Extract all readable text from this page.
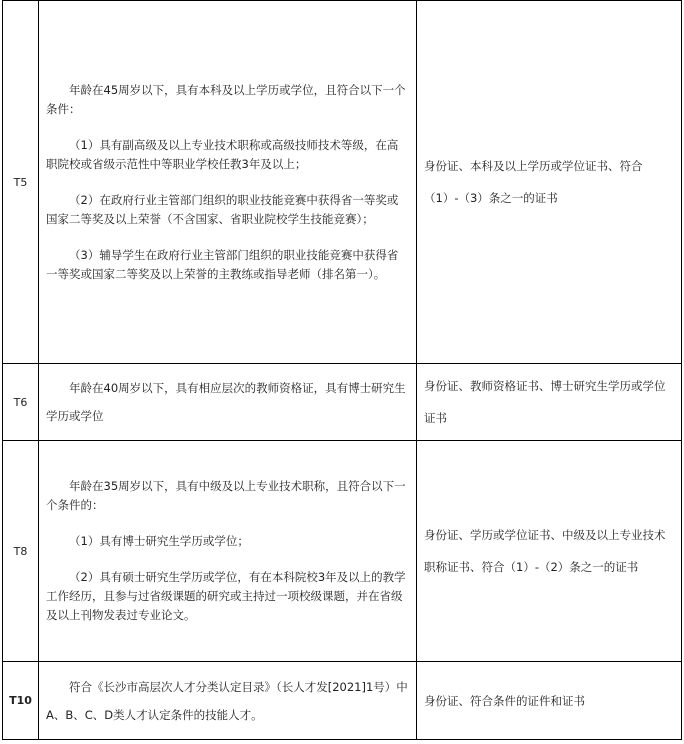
T5	年龄在45周岁以下，具有本科及以上学历或学位，且符合以下一个条件：

（1）具有副高级及以上专业技术职称或高级技师技术等级，在高职院校或省级示范性中等职业学校任教3年及以上；

（2）在政府行业主管部门组织的职业技能竞赛中获得省一等奖或国家二等奖及以上荣誉（不含国家、省职业院校学生技能竞赛）；

（3）辅导学生在政府行业主管部门组织的职业技能竞赛中获得省一等奖或国家二等奖及以上荣誉的主教练或指导老师（排名第一）。	身份证、本科及以上学历或学位证书、符合（1）-（3）条之一的证书
T6	年龄在40周岁以下，具有相应层次的教师资格证，具有博士研究生学历或学位	身份证、教师资格证书、博士研究生学历或学位证书
T8	年龄在35周岁以下，具有中级及以上专业技术职称，且符合以下一个条件的：

（1）具有博士研究生学历或学位；

（2）具有硕士研究生学历或学位，有在本科院校3年及以上的教学工作经历，且参与过省级课题的研究或主持过一项校级课题，并在省级及以上刊物发表过专业论文。	身份证、学历或学位证书、中级及以上专业技术职称证书、符合（1）-（2）条之一的证书
T10	符合《长沙市高层次人才分类认定目录》（长人才发[2021]1号）中A、B、C、D类人才认定条件的技能人才。	身份证、符合条件的证件和证书
